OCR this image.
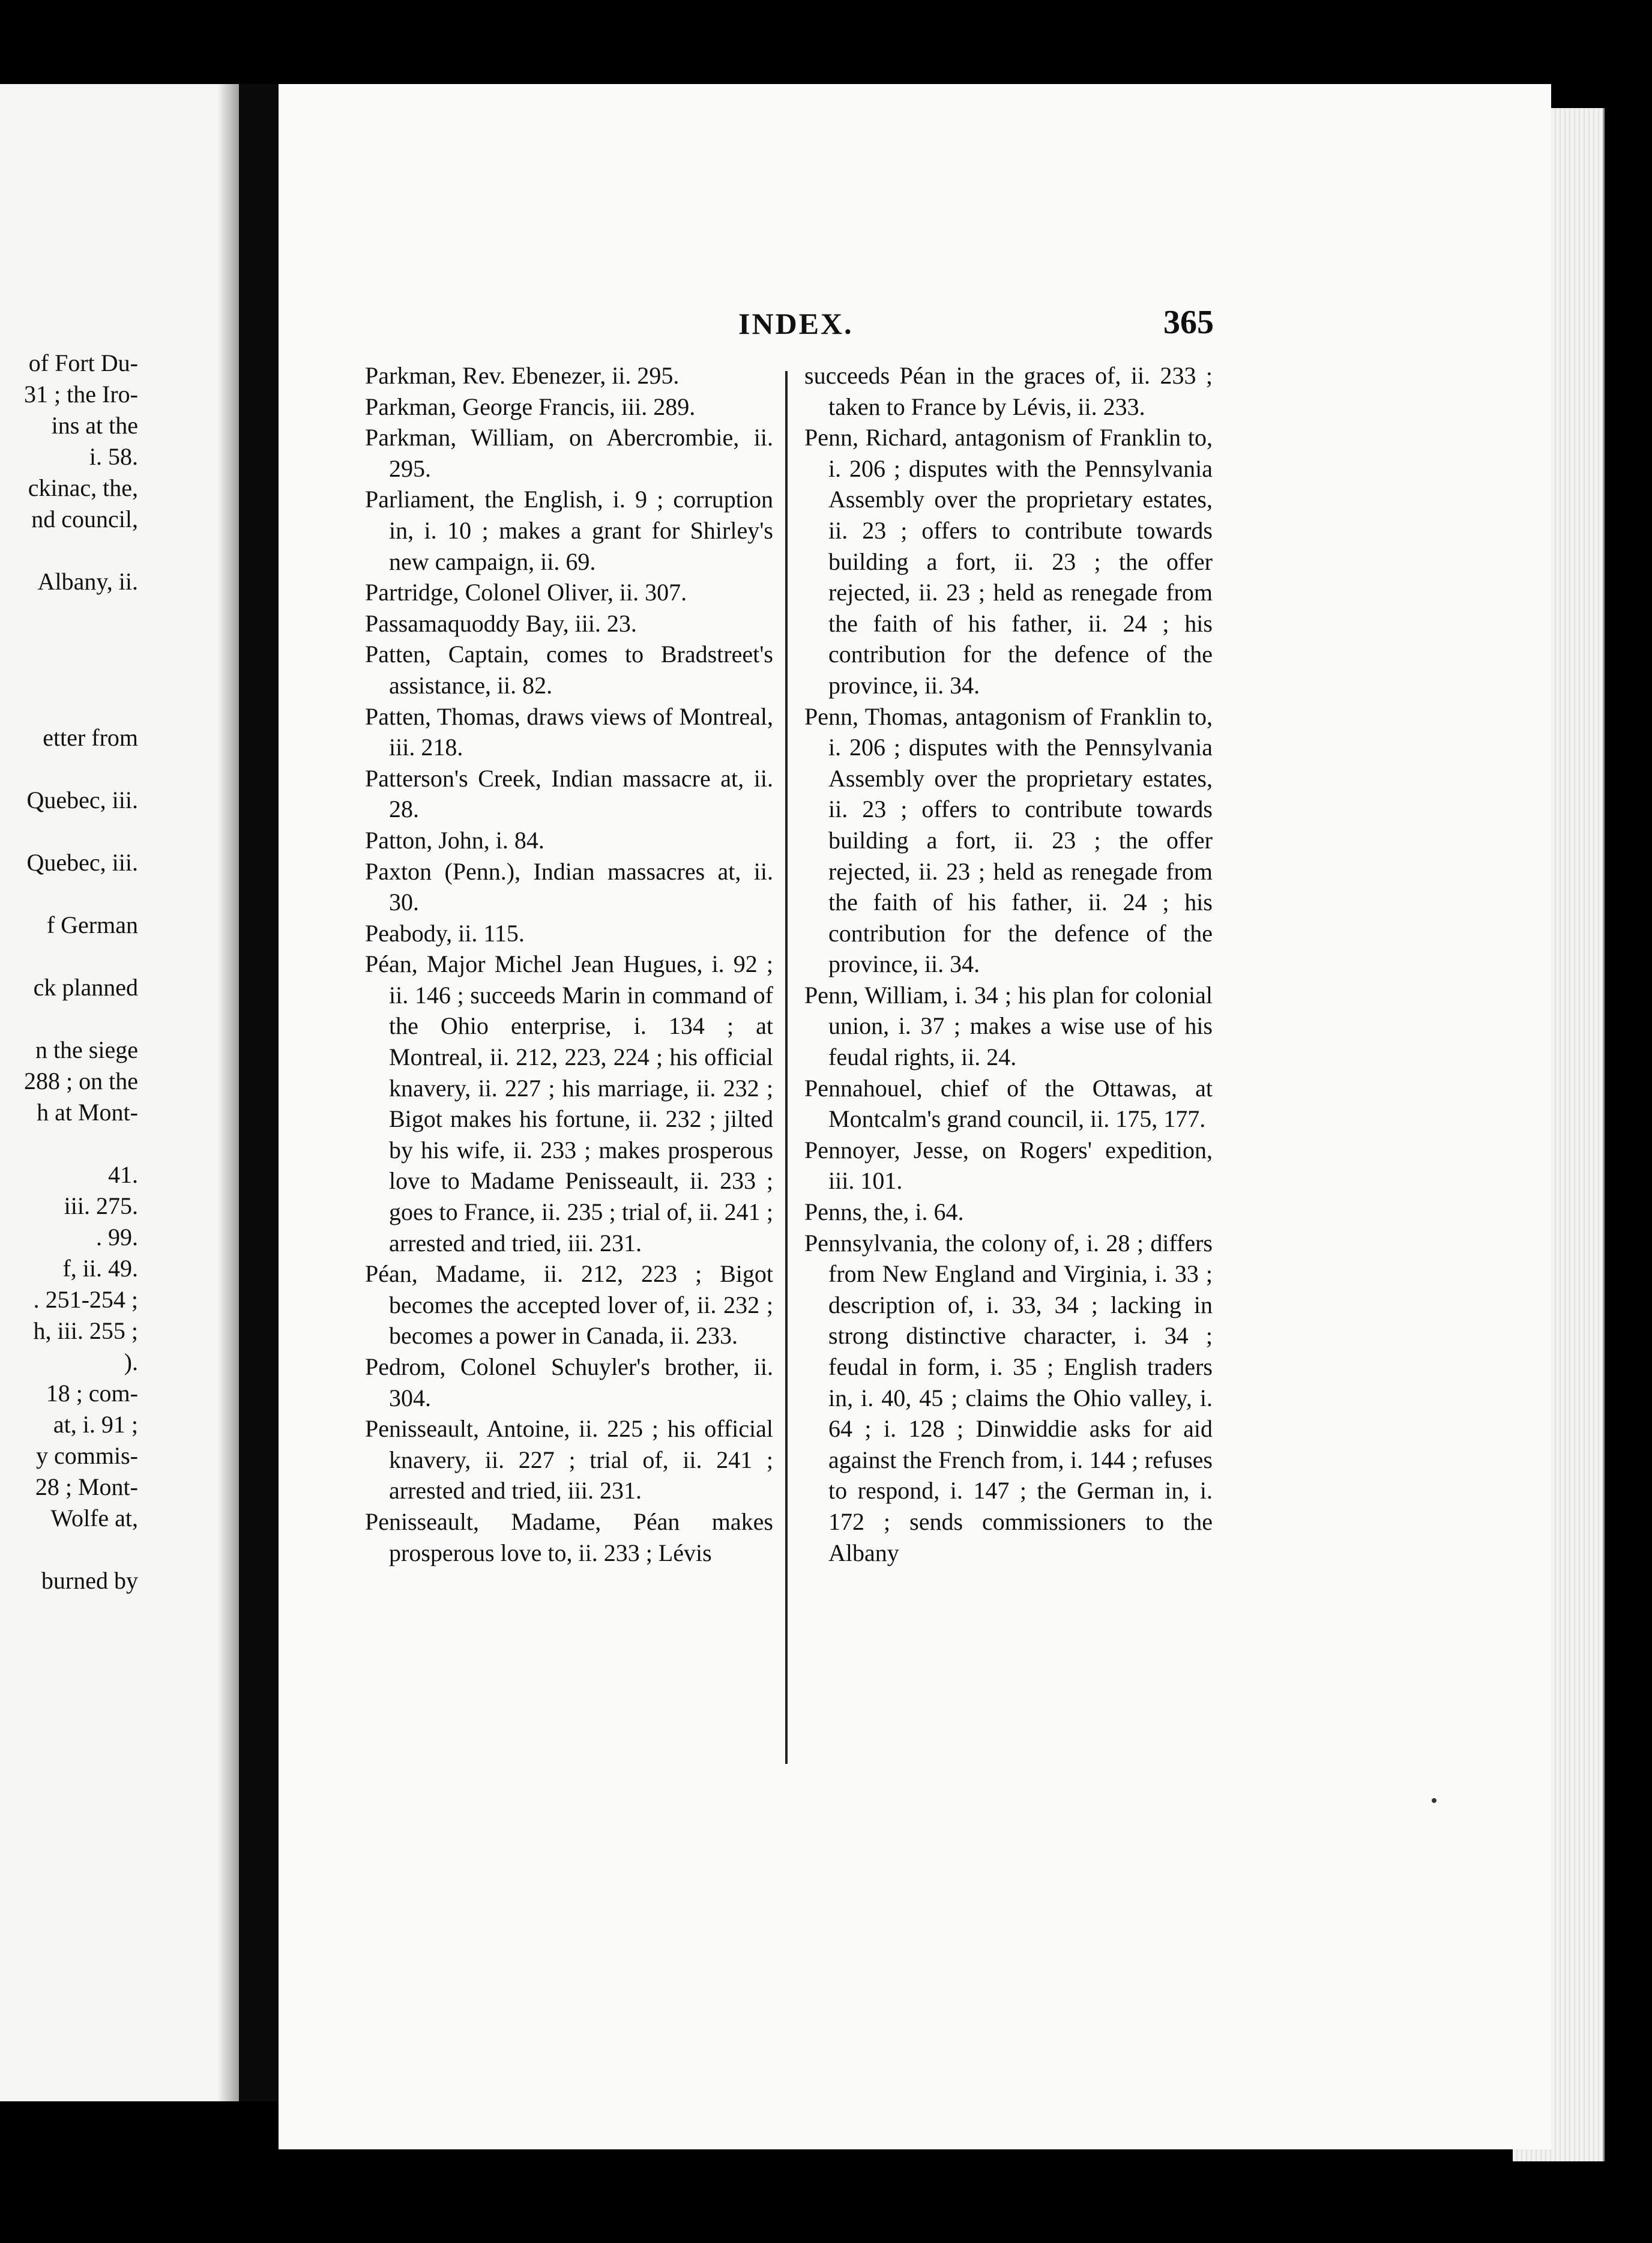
of Fort Du-
31 ; the Iro-
ins at the
i. 58.
ckinac, the,
nd council,
Albany, ii.
etter from
Quebec, iii.
Quebec, iii.
f German
ck planned
n the siege
288 ; on the
h at Mont-
41.
iii. 275.
. 99.
f, ii. 49.
. 251-254 ;
h, iii. 255 ;
).
18 ; com-
at, i. 91 ;
y commis-
28 ; Mont-
Wolfe at,
burned by
INDEX.	365

Parkman, Rev. Ebenezer, ii. 295.

Parkman, George Francis, iii. 289.

Parkman, William, on Abercrombie, ii. 295.

Parliament, the English, i. 9 ; corruption in, i. 10 ; makes a grant for Shirley's new campaign, ii. 69.

Partridge, Colonel Oliver, ii. 307.

Passamaquoddy Bay, iii. 23.

Patten, Captain, comes to Bradstreet's assistance, ii. 82.

Patten, Thomas, draws views of Montreal, iii. 218.

Patterson's Creek, Indian massacre at, ii. 28.

Patton, John, i. 84.

Paxton (Penn.), Indian massacres at, ii. 30.

Peabody, ii. 115.

Péan, Major Michel Jean Hugues, i. 92 ; ii. 146 ; succeeds Marin in command of the Ohio enterprise, i. 134 ; at Montreal, ii. 212, 223, 224 ; his official knavery, ii. 227 ; his marriage, ii. 232 ; Bigot makes his fortune, ii. 232 ; jilted by his wife, ii. 233 ; makes prosperous love to Madame Penisseault, ii. 233 ; goes to France, ii. 235 ; trial of, ii. 241 ; arrested and tried, iii. 231.

Péan, Madame, ii. 212, 223 ; Bigot becomes the accepted lover of, ii. 232 ; becomes a power in Canada, ii. 233.

Pedrom, Colonel Schuyler's brother, ii. 304.

Penisseault, Antoine, ii. 225 ; his official knavery, ii. 227 ; trial of, ii. 241 ; arrested and tried, iii. 231.

Penisseault, Madame, Péan makes prosperous love to, ii. 233 ; Lévis

succeeds Péan in the graces of, ii. 233 ; taken to France by Lévis, ii. 233.

Penn, Richard, antagonism of Franklin to, i. 206 ; disputes with the Pennsylvania Assembly over the proprietary estates, ii. 23 ; offers to contribute towards building a fort, ii. 23 ; the offer rejected, ii. 23 ; held as renegade from the faith of his father, ii. 24 ; his contribution for the defence of the province, ii. 34.

Penn, Thomas, antagonism of Franklin to, i. 206 ; disputes with the Pennsylvania Assembly over the proprietary estates, ii. 23 ; offers to contribute towards building a fort, ii. 23 ; the offer rejected, ii. 23 ; held as renegade from the faith of his father, ii. 24 ; his contribution for the defence of the province, ii. 34.

Penn, William, i. 34 ; his plan for colonial union, i. 37 ; makes a wise use of his feudal rights, ii. 24.

Pennahouel, chief of the Ottawas, at Montcalm's grand council, ii. 175, 177.

Pennoyer, Jesse, on Rogers' expedition, iii. 101.

Penns, the, i. 64.

Pennsylvania, the colony of, i. 28 ; differs from New England and Virginia, i. 33 ; description of, i. 33, 34 ; lacking in strong distinctive character, i. 34 ; feudal in form, i. 35 ; English traders in, i. 40, 45 ; claims the Ohio valley, i. 64 ; i. 128 ; Dinwiddie asks for aid against the French from, i. 144 ; refuses to respond, i. 147 ; the German in, i. 172 ; sends commissioners to the Albany
